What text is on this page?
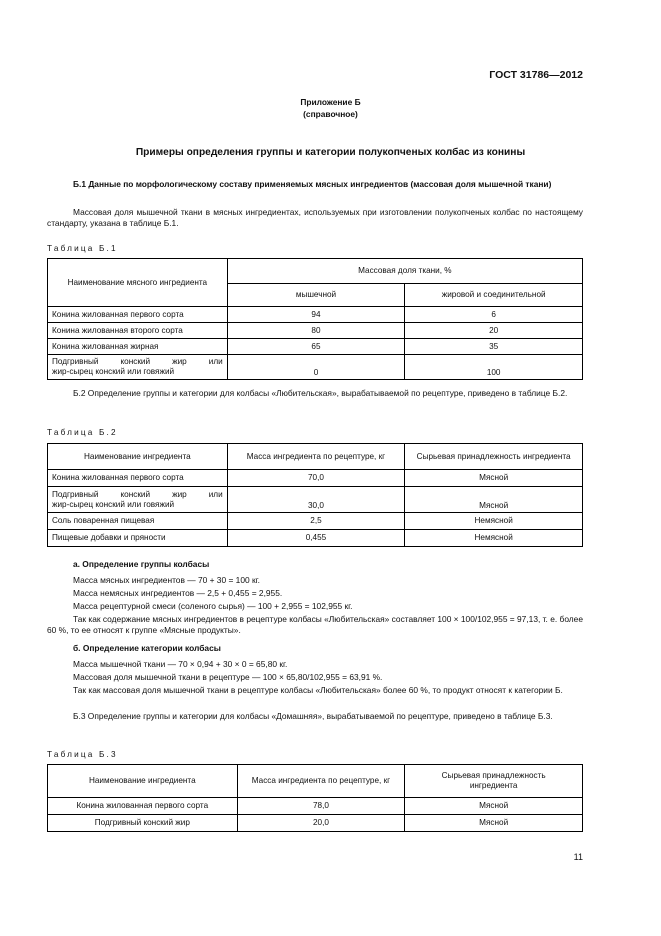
ГОСТ 31786—2012
Приложение Б
(справочное)
Примеры определения группы и категории полукопченых колбас из конины
Б.1 Данные по морфологическому составу применяемых мясных ингредиентов (массовая доля мышечной ткани)
Массовая доля мышечной ткани в мясных ингредиентах, используемых при изготовлении полукопченых колбас по настоящему стандарту, указана в таблице Б.1.
Таблица Б.1
Наименование мясного ингредиента	Массовая доля ткани, %	
	мышечной	жировой и соединительной
Конина жилованная первого сорта	94	6
Конина жилованная второго сорта	80	20
Конина жилованная жирная	65	35

Подгривный конский жир или
жир-сырец конский или говяжий	0	100
Б.2 Определение группы и категории для колбасы «Любительская», вырабатываемой по рецептуре, приведено в таблице Б.2.
Таблица Б.2
Наименование ингредиента	Масса ингредиента по рецептуре, кг	Сырьевая принадлежность ингредиента
Конина жилованная первого сорта	70,0	Мясной

Подгривный конский жир или
жир-сырец конский или говяжий	30,0	Мясной
Соль поваренная пищевая	2,5	Немясной
Пищевые добавки и пряности	0,455	Немясной
а. Определение группы колбасы
Масса мясных ингредиентов — 70 + 30 = 100 кг.
Масса немясных ингредиентов — 2,5 + 0,455 = 2,955.
Масса рецептурной смеси (соленого сырья) — 100 + 2,955 = 102,955 кг.
Так как содержание мясных ингредиентов в рецептуре колбасы «Любительская» составляет 100 × 100/102,955 = 97,13, т. е. более 60 %, то ее относят к группе «Мясные продукты».
б. Определение категории колбасы
Масса мышечной ткани — 70 × 0,94 + 30 × 0 = 65,80 кг.
Массовая доля мышечной ткани в рецептуре — 100 × 65,80/102,955 = 63,91 %.
Так как массовая доля мышечной ткани в рецептуре колбасы «Любительская» более 60 %, то продукт относят к категории Б.
Б.3 Определение группы и категории для колбасы «Домашняя», вырабатываемой по рецептуре, приведено в таблице Б.3.
Таблица Б.3
Наименование ингредиента	Масса ингредиента по рецептуре, кг	Сырьевая принадлежность
ингредиента

Конина жилованная первого сорта	78,0	Мясной
Подгривный конский жир	20,0	Мясной
11
